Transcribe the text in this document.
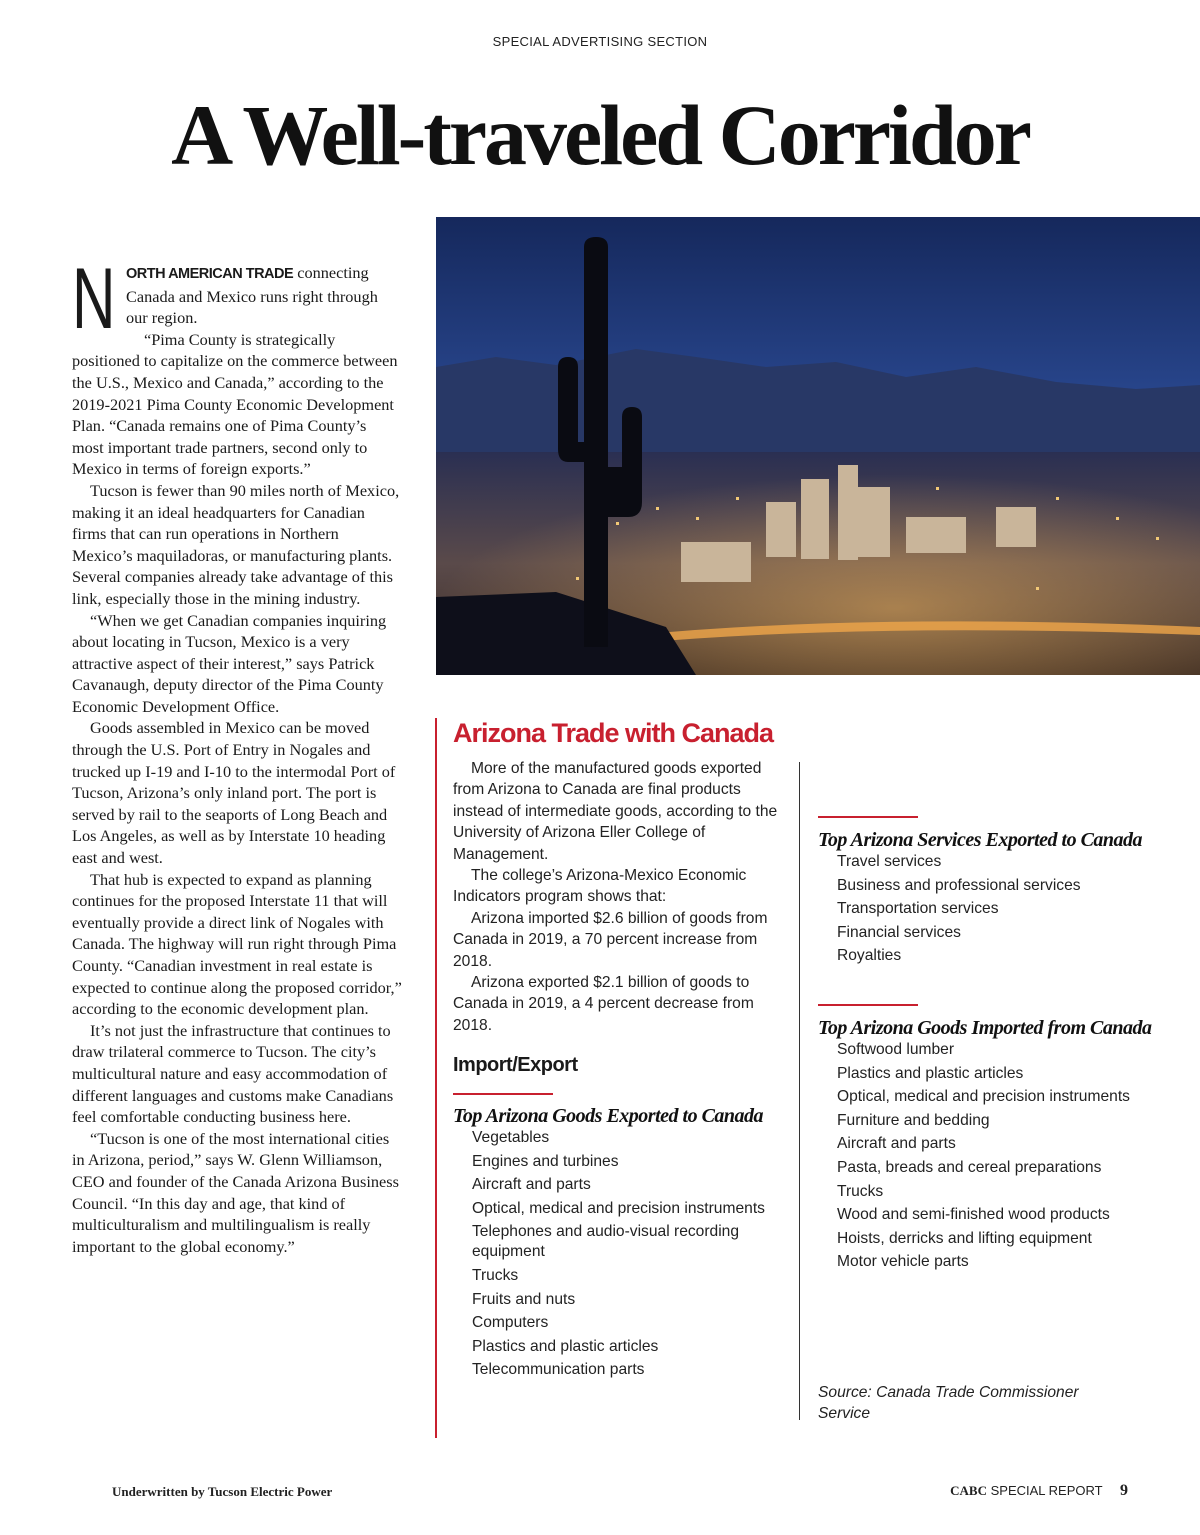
SPECIAL ADVERTISING SECTION
A Well-traveled Corridor

NORTH AMERICAN TRADE connecting Canada and Mexico runs right through our region.

“Pima County is strategically positioned to capitalize on the commerce between the U.S., Mexico and Canada,” according to the 2019-2021 Pima County Economic Development Plan. “Canada remains one of Pima County’s most important trade partners, second only to Mexico in terms of foreign exports.”

Tucson is fewer than 90 miles north of Mexico, making it an ideal headquarters for Canadian firms that can run operations in Northern Mexico’s maquiladoras, or manufacturing plants. Several companies already take advantage of this link, especially those in the mining industry.

“When we get Canadian companies inquiring about locating in Tucson, Mexico is a very attractive aspect of their interest,” says Patrick Cavanaugh, deputy director of the Pima County Economic Development Office.

Goods assembled in Mexico can be moved through the U.S. Port of Entry in Nogales and trucked up I-19 and I-10 to the intermodal Port of Tucson, Arizona’s only inland port. The port is served by rail to the seaports of Long Beach and Los Angeles, as well as by Interstate 10 heading east and west.

That hub is expected to expand as planning continues for the proposed Interstate 11 that will eventually provide a direct link of Nogales with Canada. The highway will run right through Pima County. “Canadian investment in real estate is expected to continue along the proposed corridor,” according to the economic development plan.

It’s not just the infrastructure that continues to draw trilateral commerce to Tucson. The city’s multicultural nature and easy accommodation of different languages and customs make Canadians feel comfortable conducting business here.

“Tucson is one of the most international cities in Arizona, period,” says W. Glenn Williamson, CEO and founder of the Canada Arizona Business Council. “In this day and age, that kind of multiculturalism and multilingualism is really important to the global economy.”

Arizona Trade with Canada

More of the manufactured goods exported from Arizona to Canada are final products instead of intermediate goods, according to the University of Arizona Eller College of Management.

The college’s Arizona-Mexico Economic Indicators program shows that:

Arizona imported $2.6 billion of goods from Canada in 2019, a 70 percent increase from 2018.

Arizona exported $2.1 billion of goods to Canada in 2019, a 4 percent decrease from 2018.

Import/Export
Top Arizona Goods Exported to Canada
Vegetables
Engines and turbines
Aircraft and parts
Optical, medical and precision instruments
Telephones and audio-visual recording equipment
Trucks
Fruits and nuts
Computers
Plastics and plastic articles
Telecommunication parts
Top Arizona Services Exported to Canada
Travel services
Business and professional services
Transportation services
Financial services
Royalties
Top Arizona Goods Imported from Canada
Softwood lumber
Plastics and plastic articles
Optical, medical and precision instruments
Furniture and bedding
Aircraft and parts
Pasta, breads and cereal preparations
Trucks
Wood and semi-finished wood products
Hoists, derricks and lifting equipment
Motor vehicle parts
Source: Canada Trade Commissioner Service
Underwritten by Tucson Electric Power	CABC SPECIAL REPORT 9
